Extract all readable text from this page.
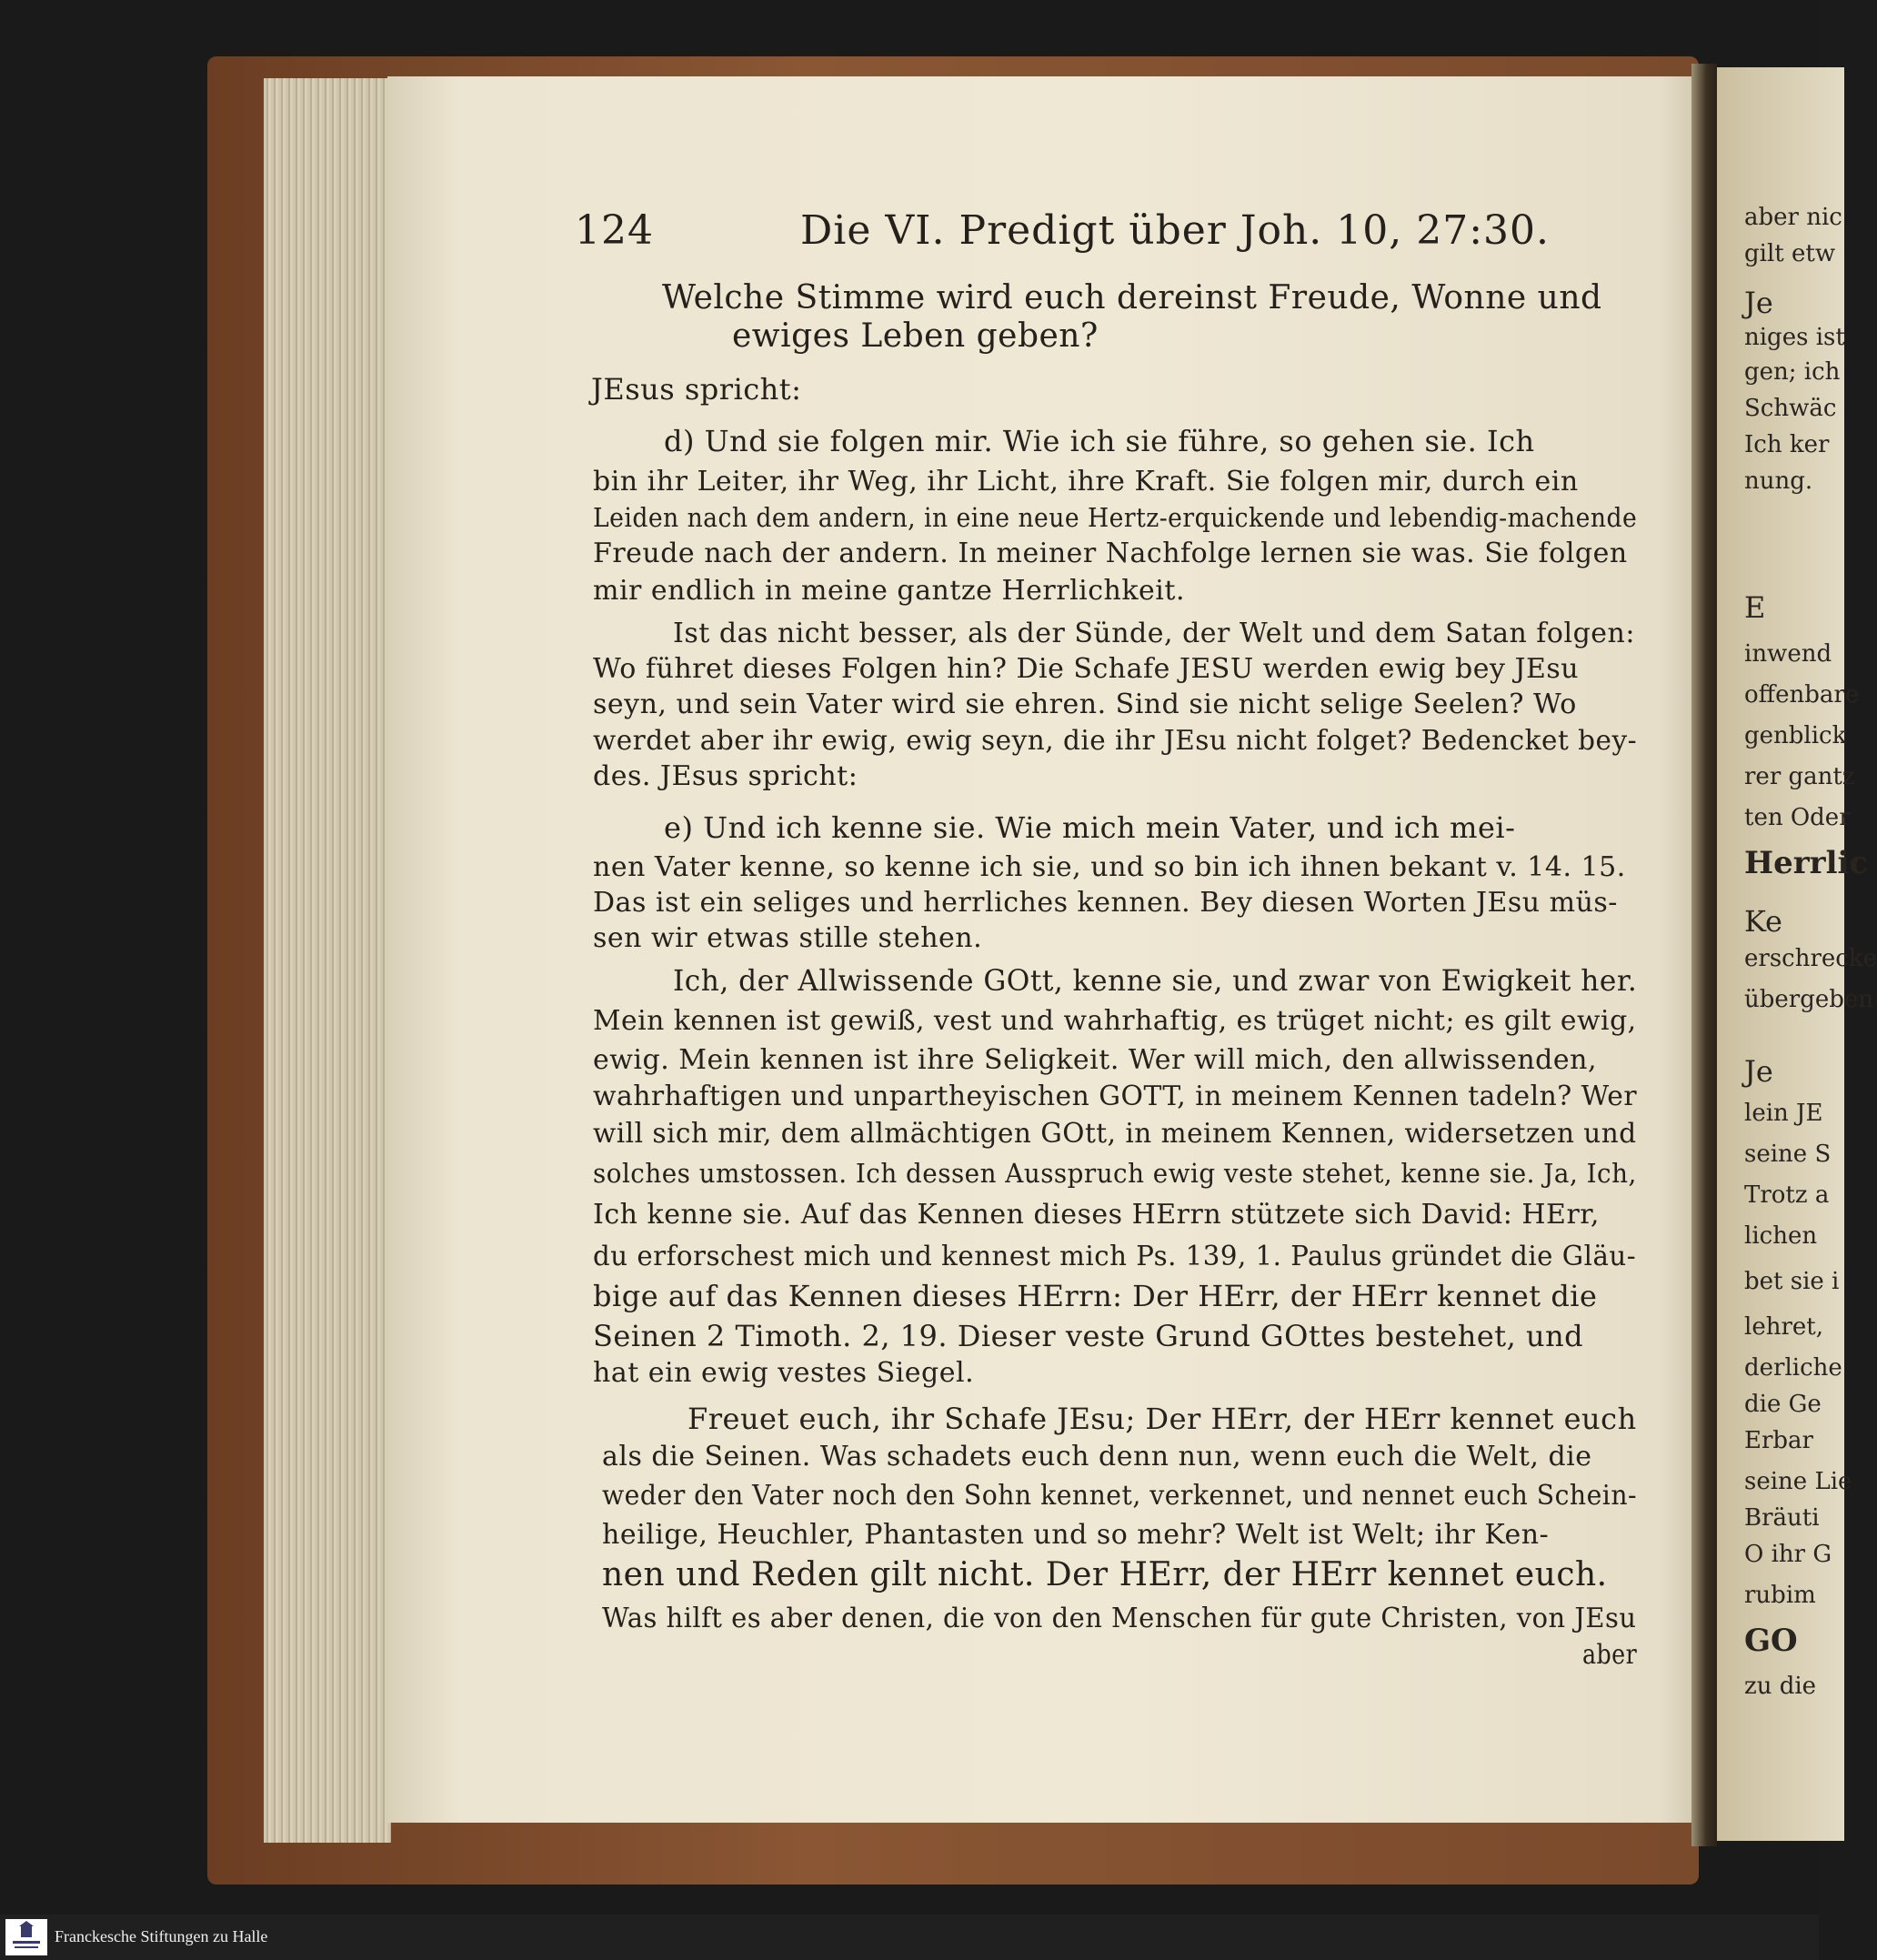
aber nic
gilt etw
Je
niges ist
gen; ich
Schwäc
Ich ker
nung.
E
inwend
offenbare
genblick
rer gantz
ten Oder
Herrlic
Ke
erschrecke
übergeben
Je
lein JE
seine S
Trotz a
lichen
bet sie i
lehret,
derliche
die Ge
Erbar
seine Lie
Bräuti
O ihr G
rubim
GO
zu die
124	Die VI. Predigt über Joh. 10, 27:30.
Welche Stimme wird euch dereinst Freude, Wonne und
ewiges Leben geben?
JEsus spricht:
d) Und sie folgen mir. Wie ich sie führe, so gehen sie. Ich
bin ihr Leiter, ihr Weg, ihr Licht, ihre Kraft. Sie folgen mir, durch ein
Leiden nach dem andern, in eine neue Hertz-erquickende und lebendig-machende
Freude nach der andern. In meiner Nachfolge lernen sie was. Sie folgen
mir endlich in meine gantze Herrlichkeit.
Ist das nicht besser, als der Sünde, der Welt und dem Satan folgen:
Wo führet dieses Folgen hin? Die Schafe JESU werden ewig bey JEsu
seyn, und sein Vater wird sie ehren. Sind sie nicht selige Seelen? Wo
werdet aber ihr ewig, ewig seyn, die ihr JEsu nicht folget? Bedencket bey-
des. JEsus spricht:
e) Und ich kenne sie. Wie mich mein Vater, und ich mei-
nen Vater kenne, so kenne ich sie, und so bin ich ihnen bekant v. 14. 15.
Das ist ein seliges und herrliches kennen. Bey diesen Worten JEsu müs-
sen wir etwas stille stehen.
Ich, der Allwissende GOtt, kenne sie, und zwar von Ewigkeit her.
Mein kennen ist gewiß, vest und wahrhaftig, es trüget nicht; es gilt ewig,
ewig. Mein kennen ist ihre Seligkeit. Wer will mich, den allwissenden,
wahrhaftigen und unpartheyischen GOTT, in meinem Kennen tadeln? Wer
will sich mir, dem allmächtigen GOtt, in meinem Kennen, widersetzen und
solches umstossen. Ich dessen Ausspruch ewig veste stehet, kenne sie. Ja, Ich,
Ich kenne sie. Auf das Kennen dieses HErrn stützete sich David: HErr,
du erforschest mich und kennest mich Ps. 139, 1. Paulus gründet die Gläu-
bige auf das Kennen dieses HErrn: Der HErr, der HErr kennet die
Seinen 2 Timoth. 2, 19. Dieser veste Grund GOttes bestehet, und
hat ein ewig vestes Siegel.
Freuet euch, ihr Schafe JEsu; Der HErr, der HErr kennet euch
als die Seinen. Was schadets euch denn nun, wenn euch die Welt, die
weder den Vater noch den Sohn kennet, verkennet, und nennet euch Schein-
heilige, Heuchler, Phantasten und so mehr? Welt ist Welt; ihr Ken-
nen und Reden gilt nicht. Der HErr, der HErr kennet euch.
Was hilft es aber denen, die von den Menschen für gute Christen, von JEsu
aber
Franckesche Stiftungen zu Halle
